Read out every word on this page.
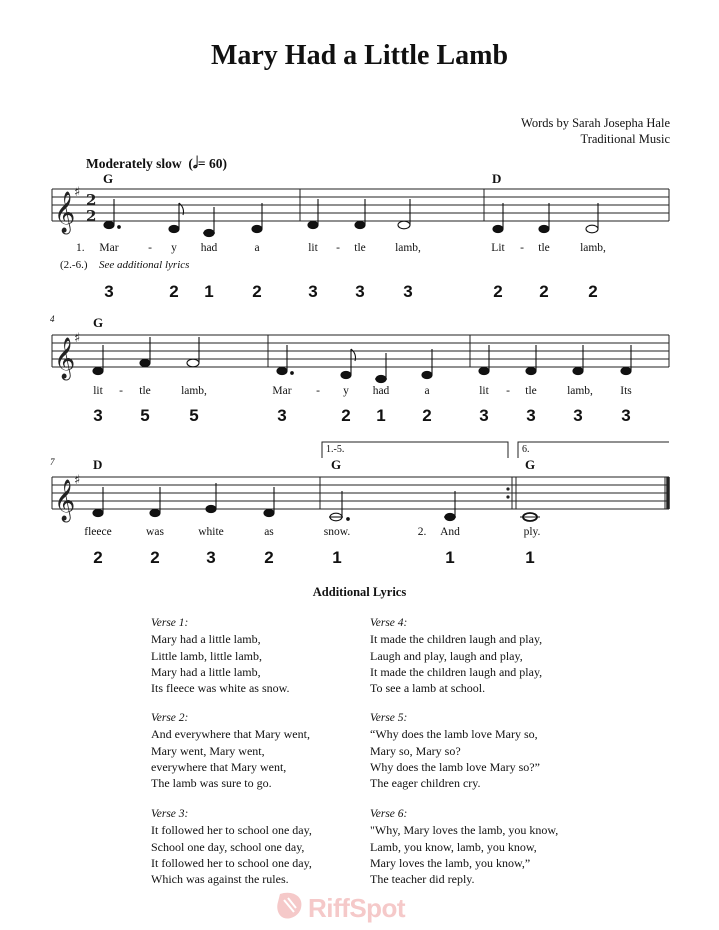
Mary Had a Little Lamb
Words by Sarah Josepha Hale
Traditional Music
Moderately slow  (𝅗𝅥= 60)
𝄞
𝄞
𝄞
♯
♯
♯
2
2
G	D
4	G
7	D	G	G
1.-5.	6.
1.
(2.-6.) See additional lyrics
Mar	- y had	a	lit - tle	lamb,	Lit - tle	lamb,
3	2 1 2	3 3 3	2 2 2
lit - tle	lamb,	Mar - y had	a	lit - tle	lamb, Its
3 5 5	3	2 1 2	3 3 3 3
fleece	was	white	as	snow.	2. And	ply.
2	2	3	2	1	1	1
Additional Lyrics
Verse 1:
Mary had a little lamb,
Little lamb, little lamb,
Mary had a little lamb,
Its fleece was white as snow.
Verse 2:
And everywhere that Mary went,
Mary went, Mary went,
everywhere that Mary went,
The lamb was sure to go.
Verse 3:
It followed her to school one day,
School one day, school one day,
It followed her to school one day,
Which was against the rules.
Verse 4:
It made the children laugh and play,
Laugh and play, laugh and play,
It made the children laugh and play,
To see a lamb at school.
Verse 5:
“Why does the lamb love Mary so,
Mary so, Mary so?
Why does the lamb love Mary so?”
The eager children cry.
Verse 6:
"Why, Mary loves the lamb, you know,
Lamb, you know, lamb, you know,
Mary loves the lamb, you know,”
The teacher did reply.
RiffSpot
